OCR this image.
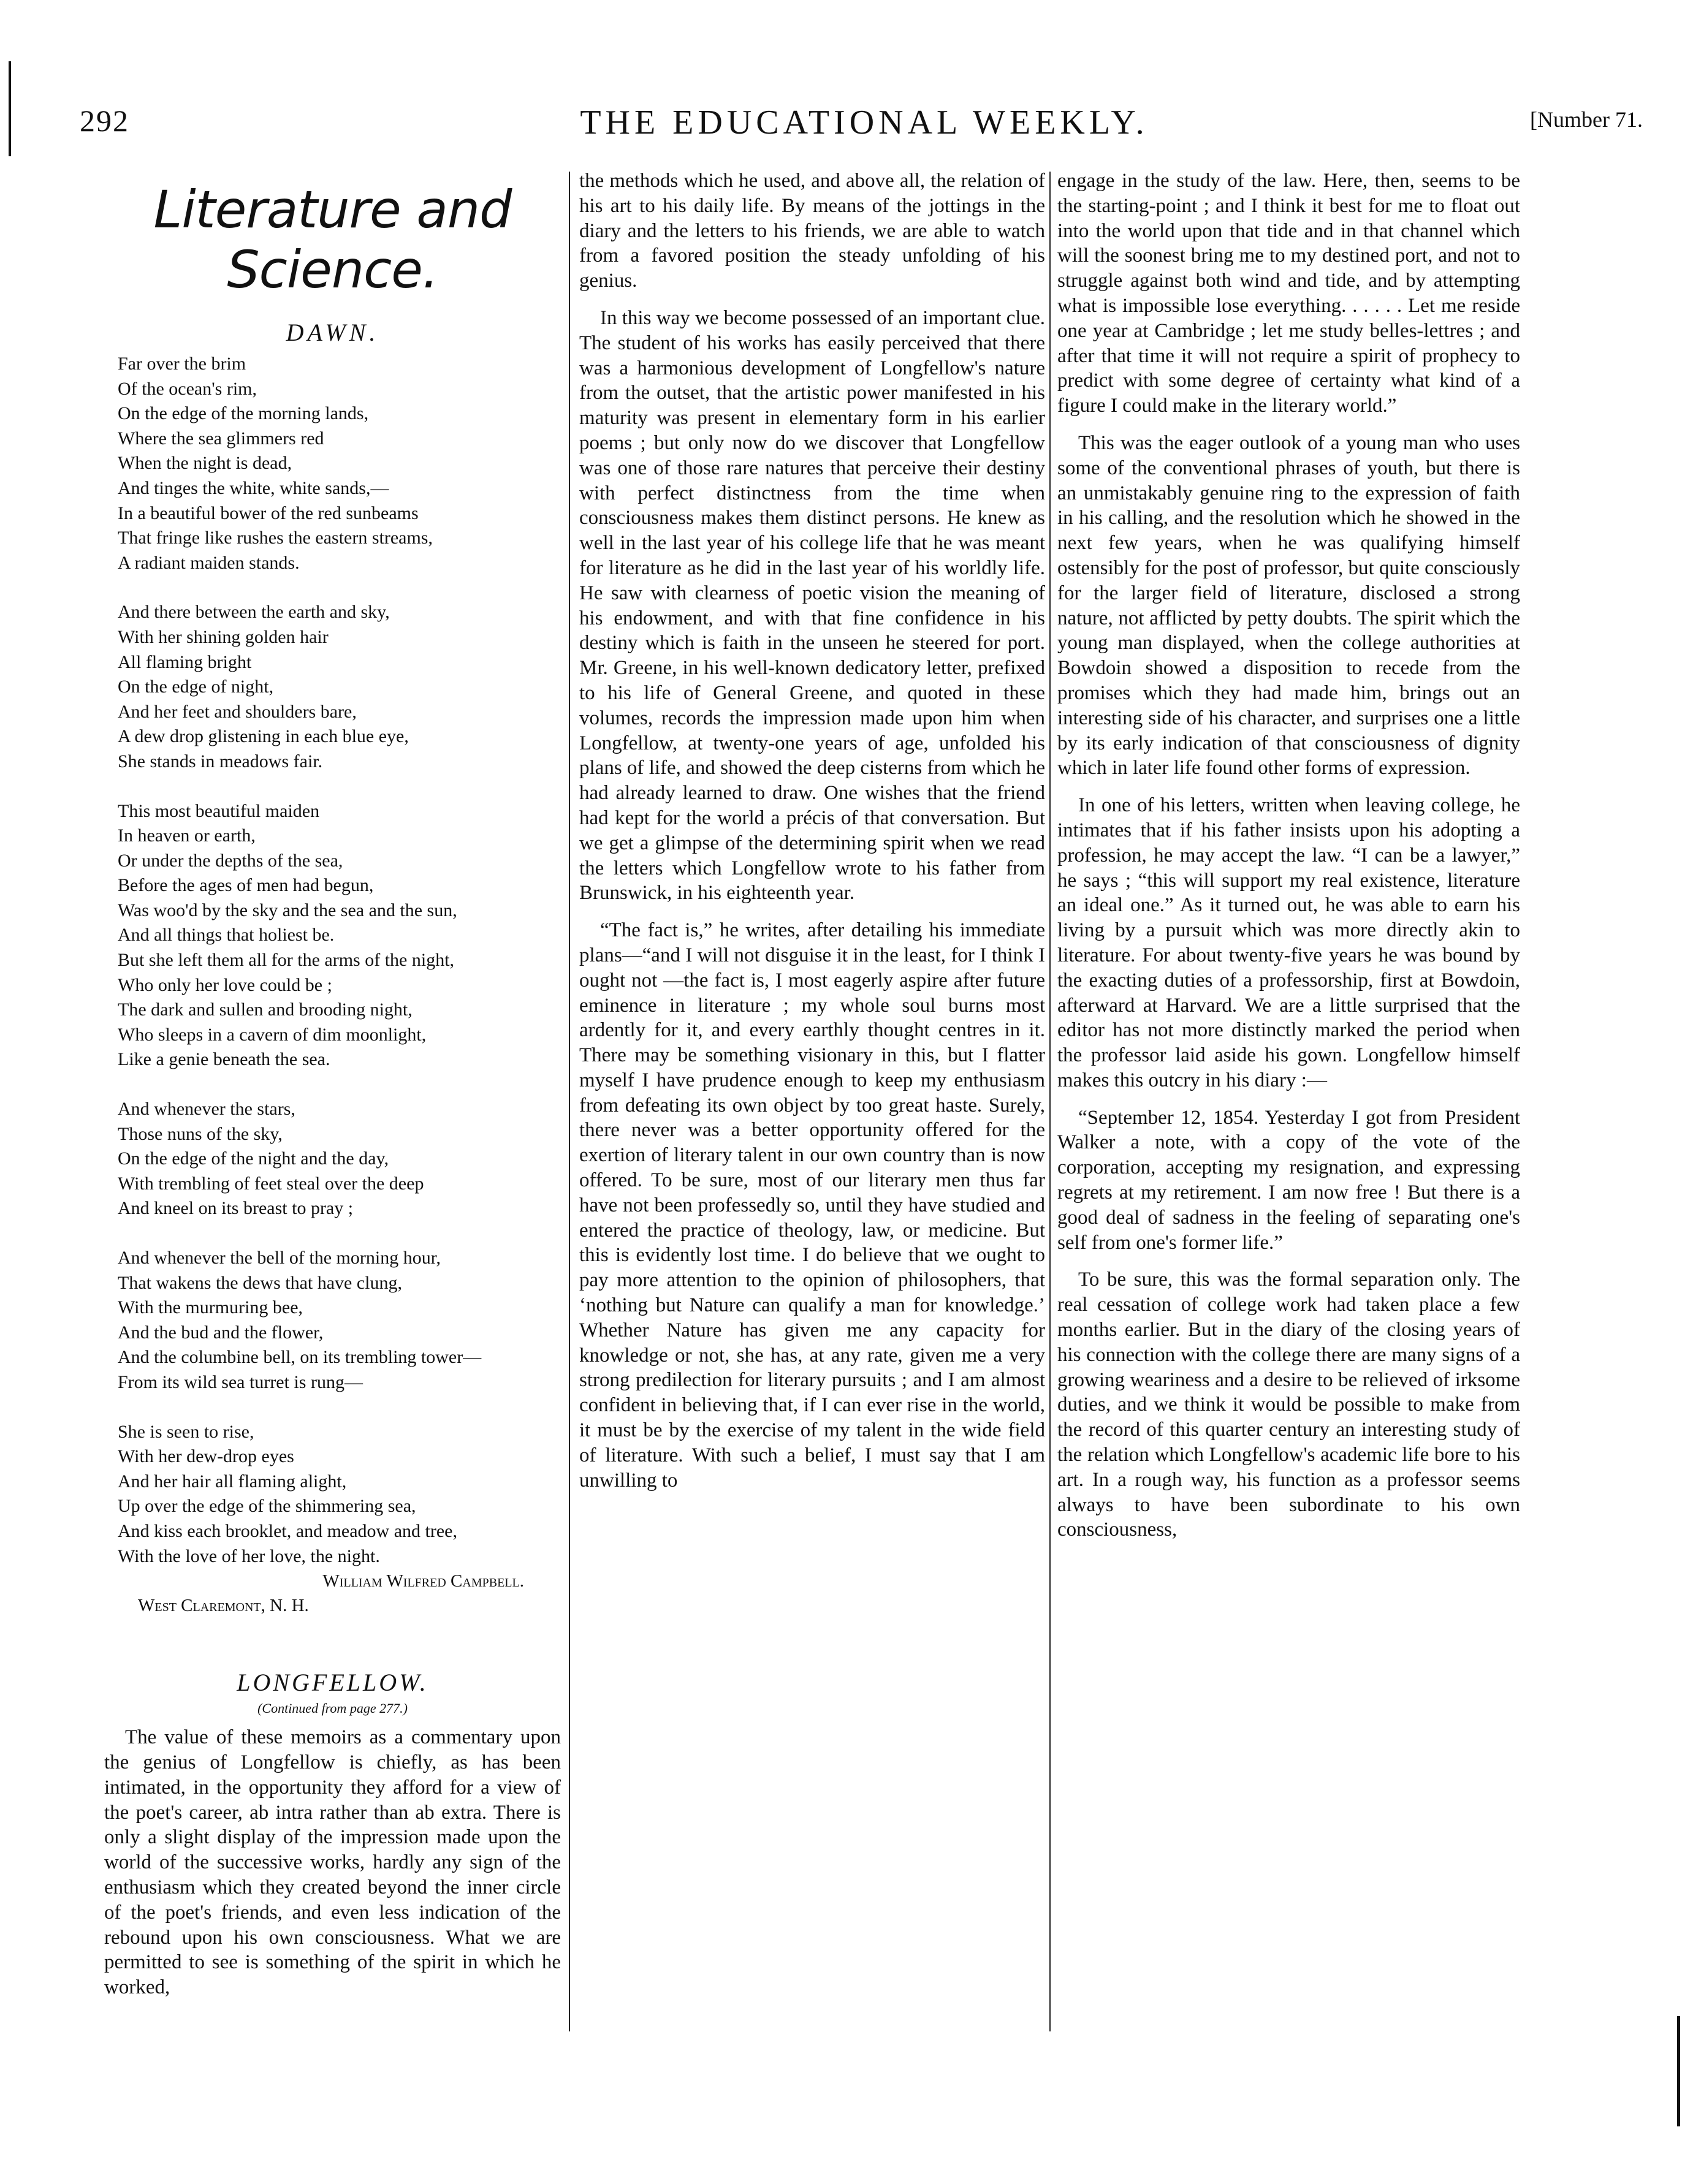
292	THE EDUCATIONAL WEEKLY.	[Number 71.
Literature and Science.
DAWN.
Far over the brim
Of the ocean's rim,
On the edge of the morning lands,
Where the sea glimmers red
When the night is dead,
And tinges the white, white sands,—
In a beautiful bower of the red sunbeams
That fringe like rushes the eastern streams,
A radiant maiden stands.
And there between the earth and sky,
With her shining golden hair
All flaming bright
On the edge of night,
And her feet and shoulders bare,
A dew drop glistening in each blue eye,
She stands in meadows fair.
This most beautiful maiden
In heaven or earth,
Or under the depths of the sea,
Before the ages of men had begun,
Was woo'd by the sky and the sea and the sun,
And all things that holiest be.
But she left them all for the arms of the night,
Who only her love could be ;
The dark and sullen and brooding night,
Who sleeps in a cavern of dim moonlight,
Like a genie beneath the sea.
And whenever the stars,
Those nuns of the sky,
On the edge of the night and the day,
With trembling of feet steal over the deep
And kneel on its breast to pray ;
And whenever the bell of the morning hour,
That wakens the dews that have clung,
With the murmuring bee,
And the bud and the flower,
And the columbine bell, on its trembling tower—
From its wild sea turret is rung—
She is seen to rise,
With her dew-drop eyes
And her hair all flaming alight,
Up over the edge of the shimmering sea,
And kiss each brooklet, and meadow and tree,
With the love of her love, the night.
William Wilfred Campbell.
West Claremont, N. H.
LONGFELLOW.
(Continued from page 277.)

The value of these memoirs as a commentary upon the genius of Longfellow is chiefly, as has been intimated, in the opportunity they afford for a view of the poet's career, ab intra rather than ab extra. There is only a slight display of the impression made upon the world of the successive works, hardly any sign of the enthusiasm which they created beyond the inner circle of the poet's friends, and even less indication of the rebound upon his own consciousness. What we are permitted to see is something of the spirit in which he worked,

the methods which he used, and above all, the relation of his art to his daily life. By means of the jottings in the diary and the letters to his friends, we are able to watch from a favored position the steady unfolding of his genius.

In this way we become possessed of an important clue. The student of his works has easily perceived that there was a harmonious development of Longfellow's nature from the outset, that the artistic power manifested in his maturity was present in elementary form in his earlier poems ; but only now do we discover that Longfellow was one of those rare natures that perceive their destiny with perfect distinctness from the time when consciousness makes them distinct persons. He knew as well in the last year of his college life that he was meant for literature as he did in the last year of his worldly life. He saw with clearness of poetic vision the meaning of his endowment, and with that fine confidence in his destiny which is faith in the unseen he steered for port. Mr. Greene, in his well-known dedicatory letter, prefixed to his life of General Greene, and quoted in these volumes, records the impression made upon him when Longfellow, at twenty-one years of age, unfolded his plans of life, and showed the deep cisterns from which he had already learned to draw. One wishes that the friend had kept for the world a précis of that conversation. But we get a glimpse of the determining spirit when we read the letters which Longfellow wrote to his father from Brunswick, in his eighteenth year.

“The fact is,” he writes, after detailing his immediate plans—“and I will not disguise it in the least, for I think I ought not —the fact is, I most eagerly aspire after future eminence in literature ; my whole soul burns most ardently for it, and every earthly thought centres in it. There may be something visionary in this, but I flatter myself I have prudence enough to keep my enthusiasm from defeating its own object by too great haste. Surely, there never was a better opportunity offered for the exertion of literary talent in our own country than is now offered. To be sure, most of our literary men thus far have not been professedly so, until they have studied and entered the practice of theology, law, or medicine. But this is evidently lost time. I do believe that we ought to pay more attention to the opinion of philosophers, that ‘nothing but Nature can qualify a man for knowledge.’ Whether Nature has given me any capacity for knowledge or not, she has, at any rate, given me a very strong predilection for literary pursuits ; and I am almost confident in believing that, if I can ever rise in the world, it must be by the exercise of my talent in the wide field of literature. With such a belief, I must say that I am unwilling to

engage in the study of the law. Here, then, seems to be the starting-point ; and I think it best for me to float out into the world upon that tide and in that channel which will the soonest bring me to my destined port, and not to struggle against both wind and tide, and by attempting what is impossible lose everything. . . . . . Let me reside one year at Cambridge ; let me study belles-lettres ; and after that time it will not require a spirit of prophecy to predict with some degree of certainty what kind of a figure I could make in the literary world.”

This was the eager outlook of a young man who uses some of the conventional phrases of youth, but there is an unmistakably genuine ring to the expression of faith in his calling, and the resolution which he showed in the next few years, when he was qualifying himself ostensibly for the post of professor, but quite consciously for the larger field of literature, disclosed a strong nature, not afflicted by petty doubts. The spirit which the young man displayed, when the college authorities at Bowdoin showed a disposition to recede from the promises which they had made him, brings out an interesting side of his character, and surprises one a little by its early indication of that consciousness of dignity which in later life found other forms of expression.

In one of his letters, written when leaving college, he intimates that if his father insists upon his adopting a profession, he may accept the law. “I can be a lawyer,” he says ; “this will support my real existence, literature an ideal one.” As it turned out, he was able to earn his living by a pursuit which was more directly akin to literature. For about twenty-five years he was bound by the exacting duties of a professorship, first at Bowdoin, afterward at Harvard. We are a little surprised that the editor has not more distinctly marked the period when the professor laid aside his gown. Longfellow himself makes this outcry in his diary :—

“September 12, 1854. Yesterday I got from President Walker a note, with a copy of the vote of the corporation, accepting my resignation, and expressing regrets at my retirement. I am now free ! But there is a good deal of sadness in the feeling of separating one's self from one's former life.”

To be sure, this was the formal separation only. The real cessation of college work had taken place a few months earlier. But in the diary of the closing years of his connection with the college there are many signs of a growing weariness and a desire to be relieved of irksome duties, and we think it would be possible to make from the record of this quarter century an interesting study of the relation which Longfellow's academic life bore to his art. In a rough way, his function as a professor seems always to have been subordinate to his own consciousness,
